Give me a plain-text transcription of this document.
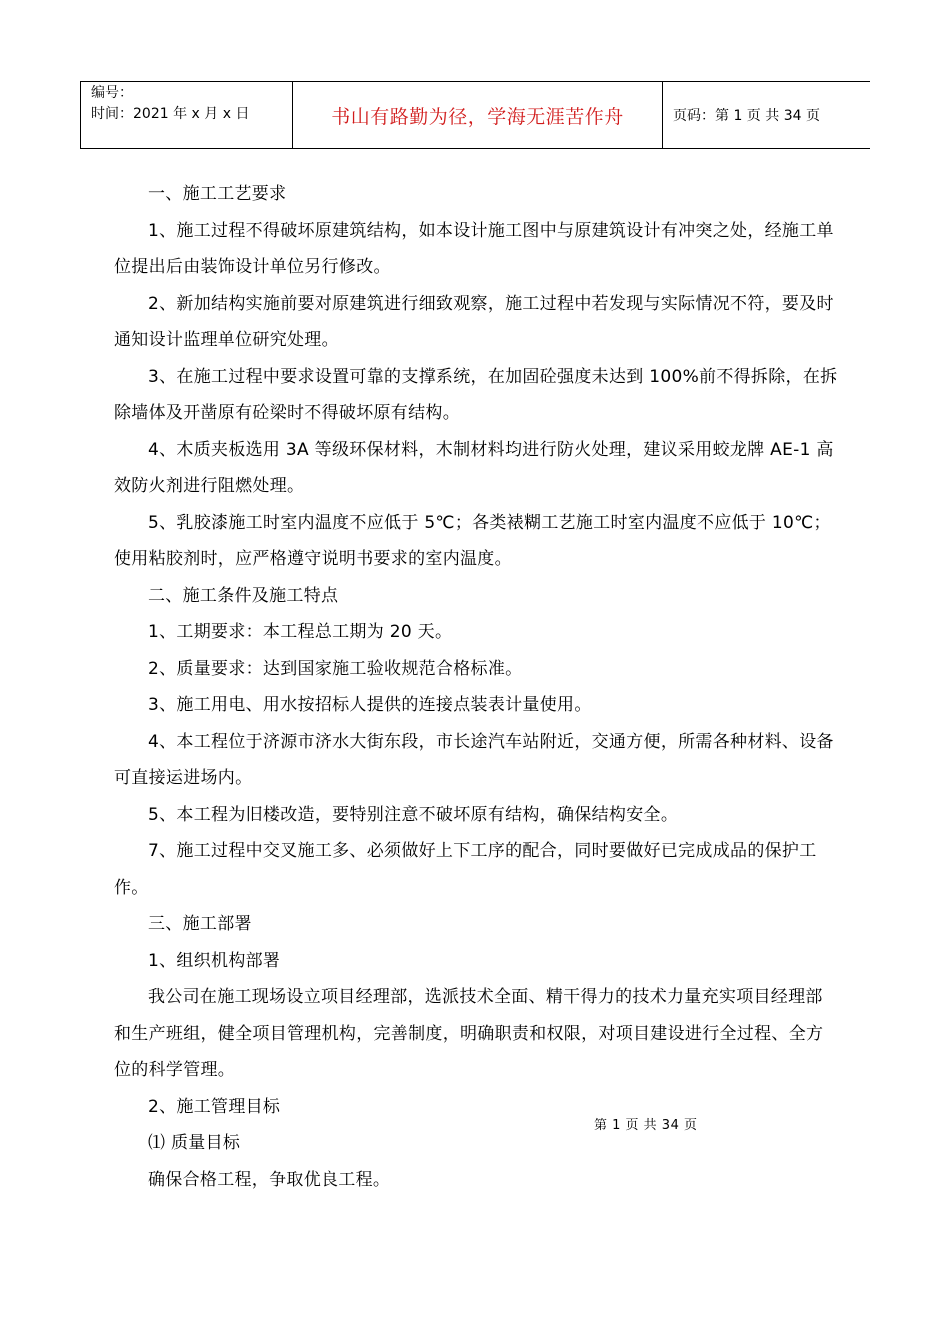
编号：
时间：2021 年 x 月 x 日	书山有路勤为径，学海无涯苦作舟	页码：第 1 页 共 34 页

一、施工工艺要求

1、施工过程不得破坏原建筑结构，如本设计施工图中与原建筑设计有冲突之处，经施工单位提出后由装饰设计单位另行修改。

2、新加结构实施前要对原建筑进行细致观察，施工过程中若发现与实际情况不符，要及时通知设计监理单位研究处理。

3、在施工过程中要求设置可靠的支撑系统，在加固砼强度未达到 100%前不得拆除，在拆除墙体及开凿原有砼梁时不得破坏原有结构。

4、木质夹板选用 3A 等级环保材料，木制材料均进行防火处理，建议采用蛟龙牌 AE-1 高效防火剂进行阻燃处理。

5、乳胶漆施工时室内温度不应低于 5℃；各类裱糊工艺施工时室内温度不应低于 10℃；使用粘胶剂时，应严格遵守说明书要求的室内温度。

二、施工条件及施工特点

1、工期要求：本工程总工期为 20 天。

2、质量要求：达到国家施工验收规范合格标准。

3、施工用电、用水按招标人提供的连接点装表计量使用。

4、本工程位于济源市济水大街东段，市长途汽车站附近，交通方便，所需各种材料、设备可直接运进场内。

5、本工程为旧楼改造，要特别注意不破坏原有结构，确保结构安全。

7、施工过程中交叉施工多、必须做好上下工序的配合，同时要做好已完成成品的保护工作。

三、施工部署

1、组织机构部署

我公司在施工现场设立项目经理部，选派技术全面、精干得力的技术力量充实项目经理部和生产班组，健全项目管理机构，完善制度，明确职责和权限，对项目建设进行全过程、全方位的科学管理。

2、施工管理目标

⑴ 质量目标

确保合格工程，争取优良工程。

第 1 页 共 34 页
